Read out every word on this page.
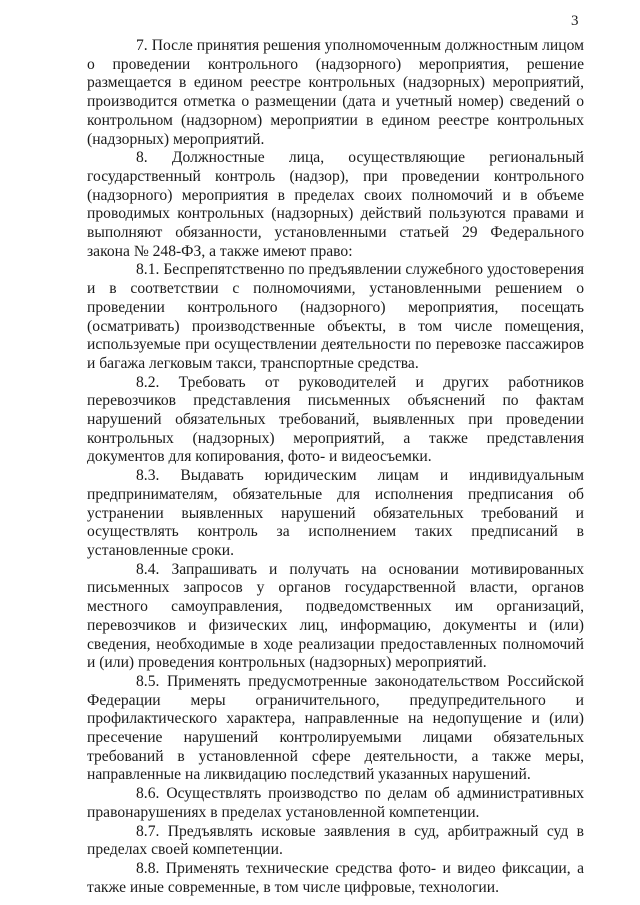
3

7. После принятия решения уполномоченным должностным лицом о проведении контрольного (надзорного) мероприятия, решение размещается в едином реестре контрольных (надзорных) мероприятий, производится отметка о размещении (дата и учетный номер) сведений о контрольном (надзорном) мероприятии в едином реестре контрольных (надзорных) мероприятий.

8. Должностные лица, осуществляющие региональный государственный контроль (надзор), при проведении контрольного (надзорного) мероприятия в пределах своих полномочий и в объеме проводимых контрольных (надзорных) действий пользуются правами и выполняют обязанности, установленными статьей 29 Федерального закона № 248-ФЗ, а также имеют право:

8.1. Беспрепятственно по предъявлении служебного удостоверения и в соответствии с полномочиями, установленными решением о проведении контрольного (надзорного) мероприятия, посещать (осматривать) производственные объекты, в том числе помещения, используемые при осуществлении деятельности по перевозке пассажиров и багажа легковым такси, транспортные средства.

8.2. Требовать от руководителей и других работников перевозчиков представления письменных объяснений по фактам нарушений обязательных требований, выявленных при проведении контрольных (надзорных) мероприятий, а также представления документов для копирования, фото- и видеосъемки.

8.3. Выдавать юридическим лицам и индивидуальным предпринимателям, обязательные для исполнения предписания об устранении выявленных нарушений обязательных требований и осуществлять контроль за исполнением таких предписаний в установленные сроки.

8.4. Запрашивать и получать на основании мотивированных письменных запросов у органов государственной власти, органов местного самоуправления, подведомственных им организаций, перевозчиков и физических лиц, информацию, документы и (или) сведения, необходимые в ходе реализации предоставленных полномочий и (или) проведения контрольных (надзорных) мероприятий.

8.5. Применять предусмотренные законодательством Российской Федерации меры ограничительного, предупредительного и профилактического характера, направленные на недопущение и (или) пресечение нарушений контролируемыми лицами обязательных требований в установленной сфере деятельности, а также меры, направленные на ликвидацию последствий указанных нарушений.

8.6. Осуществлять производство по делам об административных правонарушениях в пределах установленной компетенции.

8.7. Предъявлять исковые заявления в суд, арбитражный суд в пределах своей компетенции.

8.8. Применять технические средства фото- и видео фиксации, а также иные современные, в том числе цифровые, технологии.
